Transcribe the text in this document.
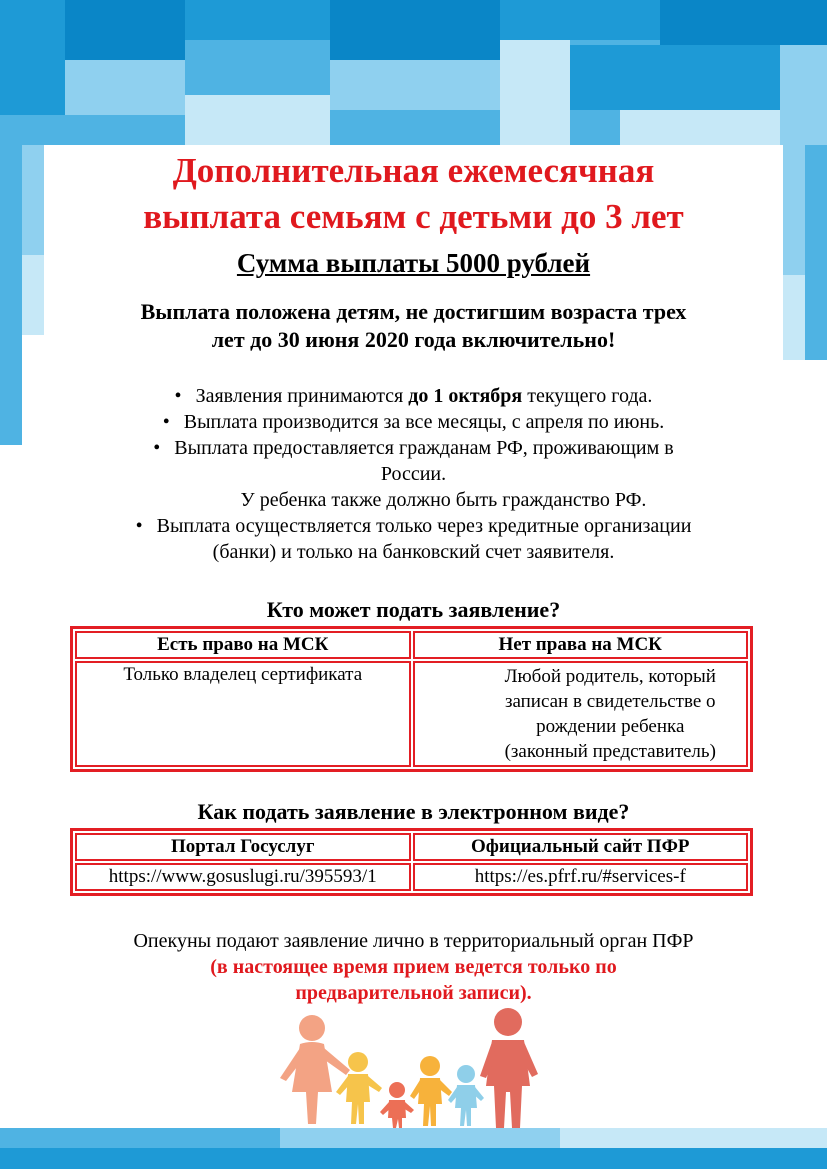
Дополнительная ежемесячная
выплата семьям с детьми до 3 лет
Сумма выплаты 5000 рублей
Выплата положена детям, не достигшим возраста трех
лет до 30 июня 2020 года включительно!
• Заявления принимаются до 1 октября текущего года.
• Выплата производится за все месяцы, с апреля по июнь.
• Выплата предоставляется гражданам РФ, проживающим в
России.
У ребенка также должно быть гражданство РФ.
• Выплата осуществляется только через кредитные организации
(банки) и только на банковский счет заявителя.
Кто может подать заявление?
Есть право на МСК	Нет права на МСК
Только владелец сертификата	Любой родитель, который
записан в свидетельстве о
рождении ребенка
(законный представитель)
Как подать заявление в электронном виде?
Портал Госуслуг	Официальный сайт ПФР
https://www.gosuslugi.ru/395593/1	https://es.pfrf.ru/#services-f
Опекуны подают заявление лично в территориальный орган ПФР
(в настоящее время прием ведется только по
предварительной записи).
